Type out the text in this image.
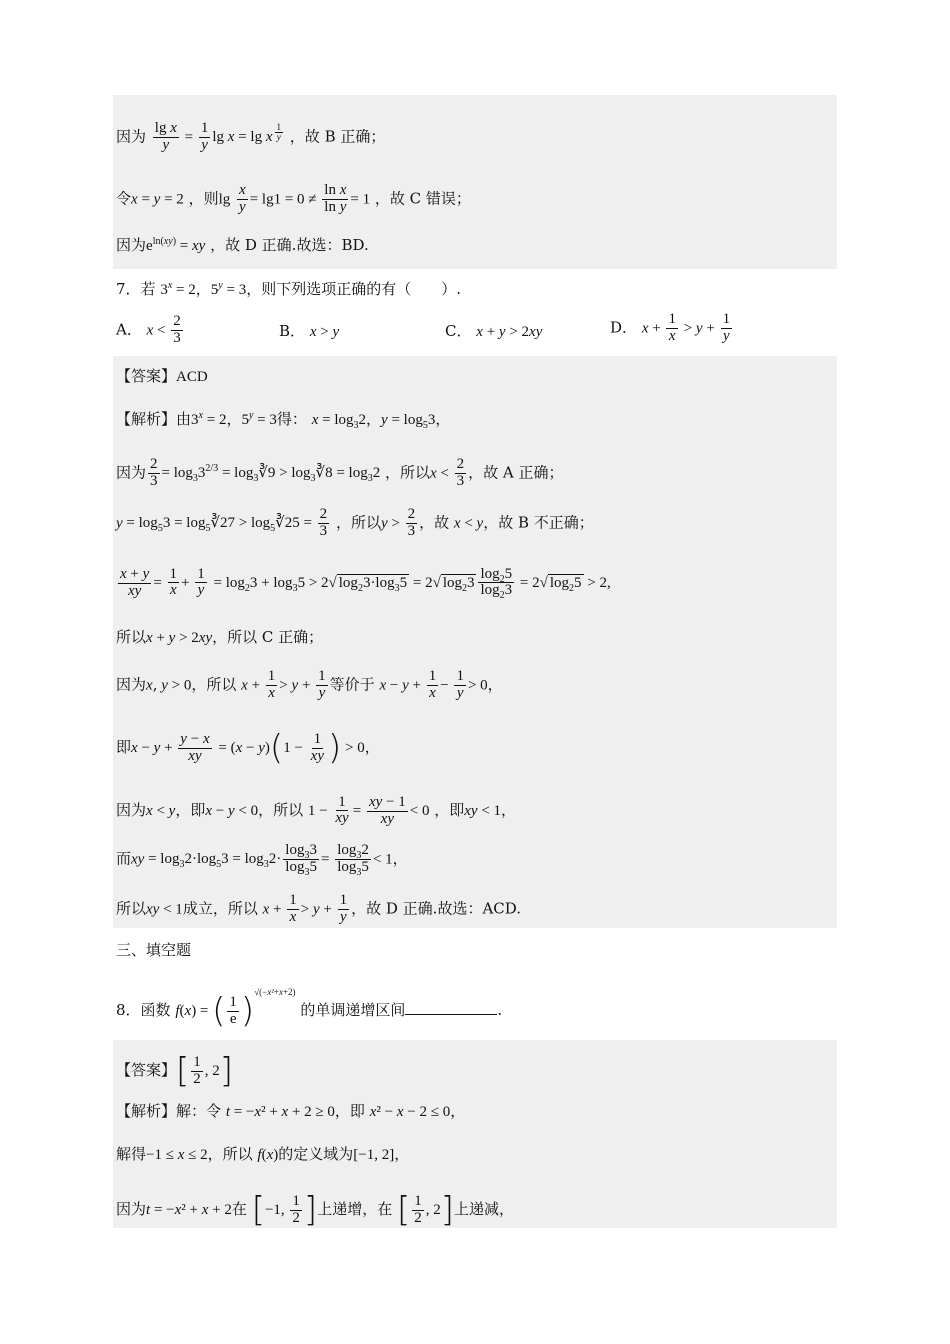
因为 $\frac{\text{lg x}}{y} = \frac{1}{y}$ lg x = lg x $^{\frac{1}{y}}$ ，故 B 正确；
令x = y = 2 ，则$\lg \frac{x}{y} = \lg 1 = 0 \ne \frac{\text{ln x}}{\text{ln y}} = 1$ ，故 C 错误；
因为$e^{ln(xy)}$ = xy ，故 D 正确.故选：BD.
7．若 $3^x = 2$，$5^y = 3$，则下列选项正确的有（　　）.
A． $x < \frac{2}{3}$	B． x > y	C． x + y > 2xy	D． $x + \frac{1}{x} > y + \frac{1}{y}$
【答案】ACD
【解析】由$3^x = 2$，$5^y = 3$得： $x = \log_32$，$y = \log_53$，
因为 $\frac{2}{3} = \log_33^{2/3}$ = $\log_3∛9$ > $\log_3∛8 = \log_32$ ，所以$x < \frac{2}{3}$ ，故 A 正确；
$y = \log_53$ = $\log_5∛27$ > $\log_5∛25 = \frac{2}{3}$ ，所以$y > \frac{2}{3}$ ，故 x < y，故 B 不正确；
$\frac{x + y}{xy} = \frac{1}{x} + \frac{1}{y} = \log_23 + \log_35 > 2√$ $\log_23\cdot\log_35 = 2√$ $\log_23 \frac{\log_25}{\log_23} = 2√$ $\log_25 > 2$,
所以x + y > 2xy，所以 C 正确；
因为x, y > 0，所以 $x + \frac{1}{x} > y + \frac{1}{y}$ 等价于 $x - y + \frac{1}{x} - \frac{1}{y} > 0$，
即$x - y + \frac{y - x}{xy} = (x - y)(1 - \frac{1}{xy}$ ) > 0，
因为x < y，即x − y < 0，所以 $1 - \frac{1}{xy} = \frac{xy - 1}{xy} < 0$ ，即xy < 1，
而xy = $\log_32\cdot\log_53 = \log_32\cdot \frac{\log_33}{\log_35} = \frac{\log_32}{\log_35} < 1$，
所以xy < 1成立，所以 $x + \frac{1}{x} > y + \frac{1}{y}$ ，故 D 正确.故选：ACD.
三、填空题
8．函数 f(x) = ( $\frac{1}{e} )^{√(-x^2+x+2)}$ 的单调递增区间	.
【答案】[ $\frac{1}{2}$ , 2]
【解析】解：令 t = −x² + x + 2 ≥ 0，即 x² − x − 2 ≤ 0，
解得−1 ≤ x ≤ 2，所以 f(x)的定义域为[−1, 2]，
因为t = −x² + x + 2在 [−1, $\frac{1}{2}$ ]上递增，在 [ $\frac{1}{2}$ , 2]上递减，
